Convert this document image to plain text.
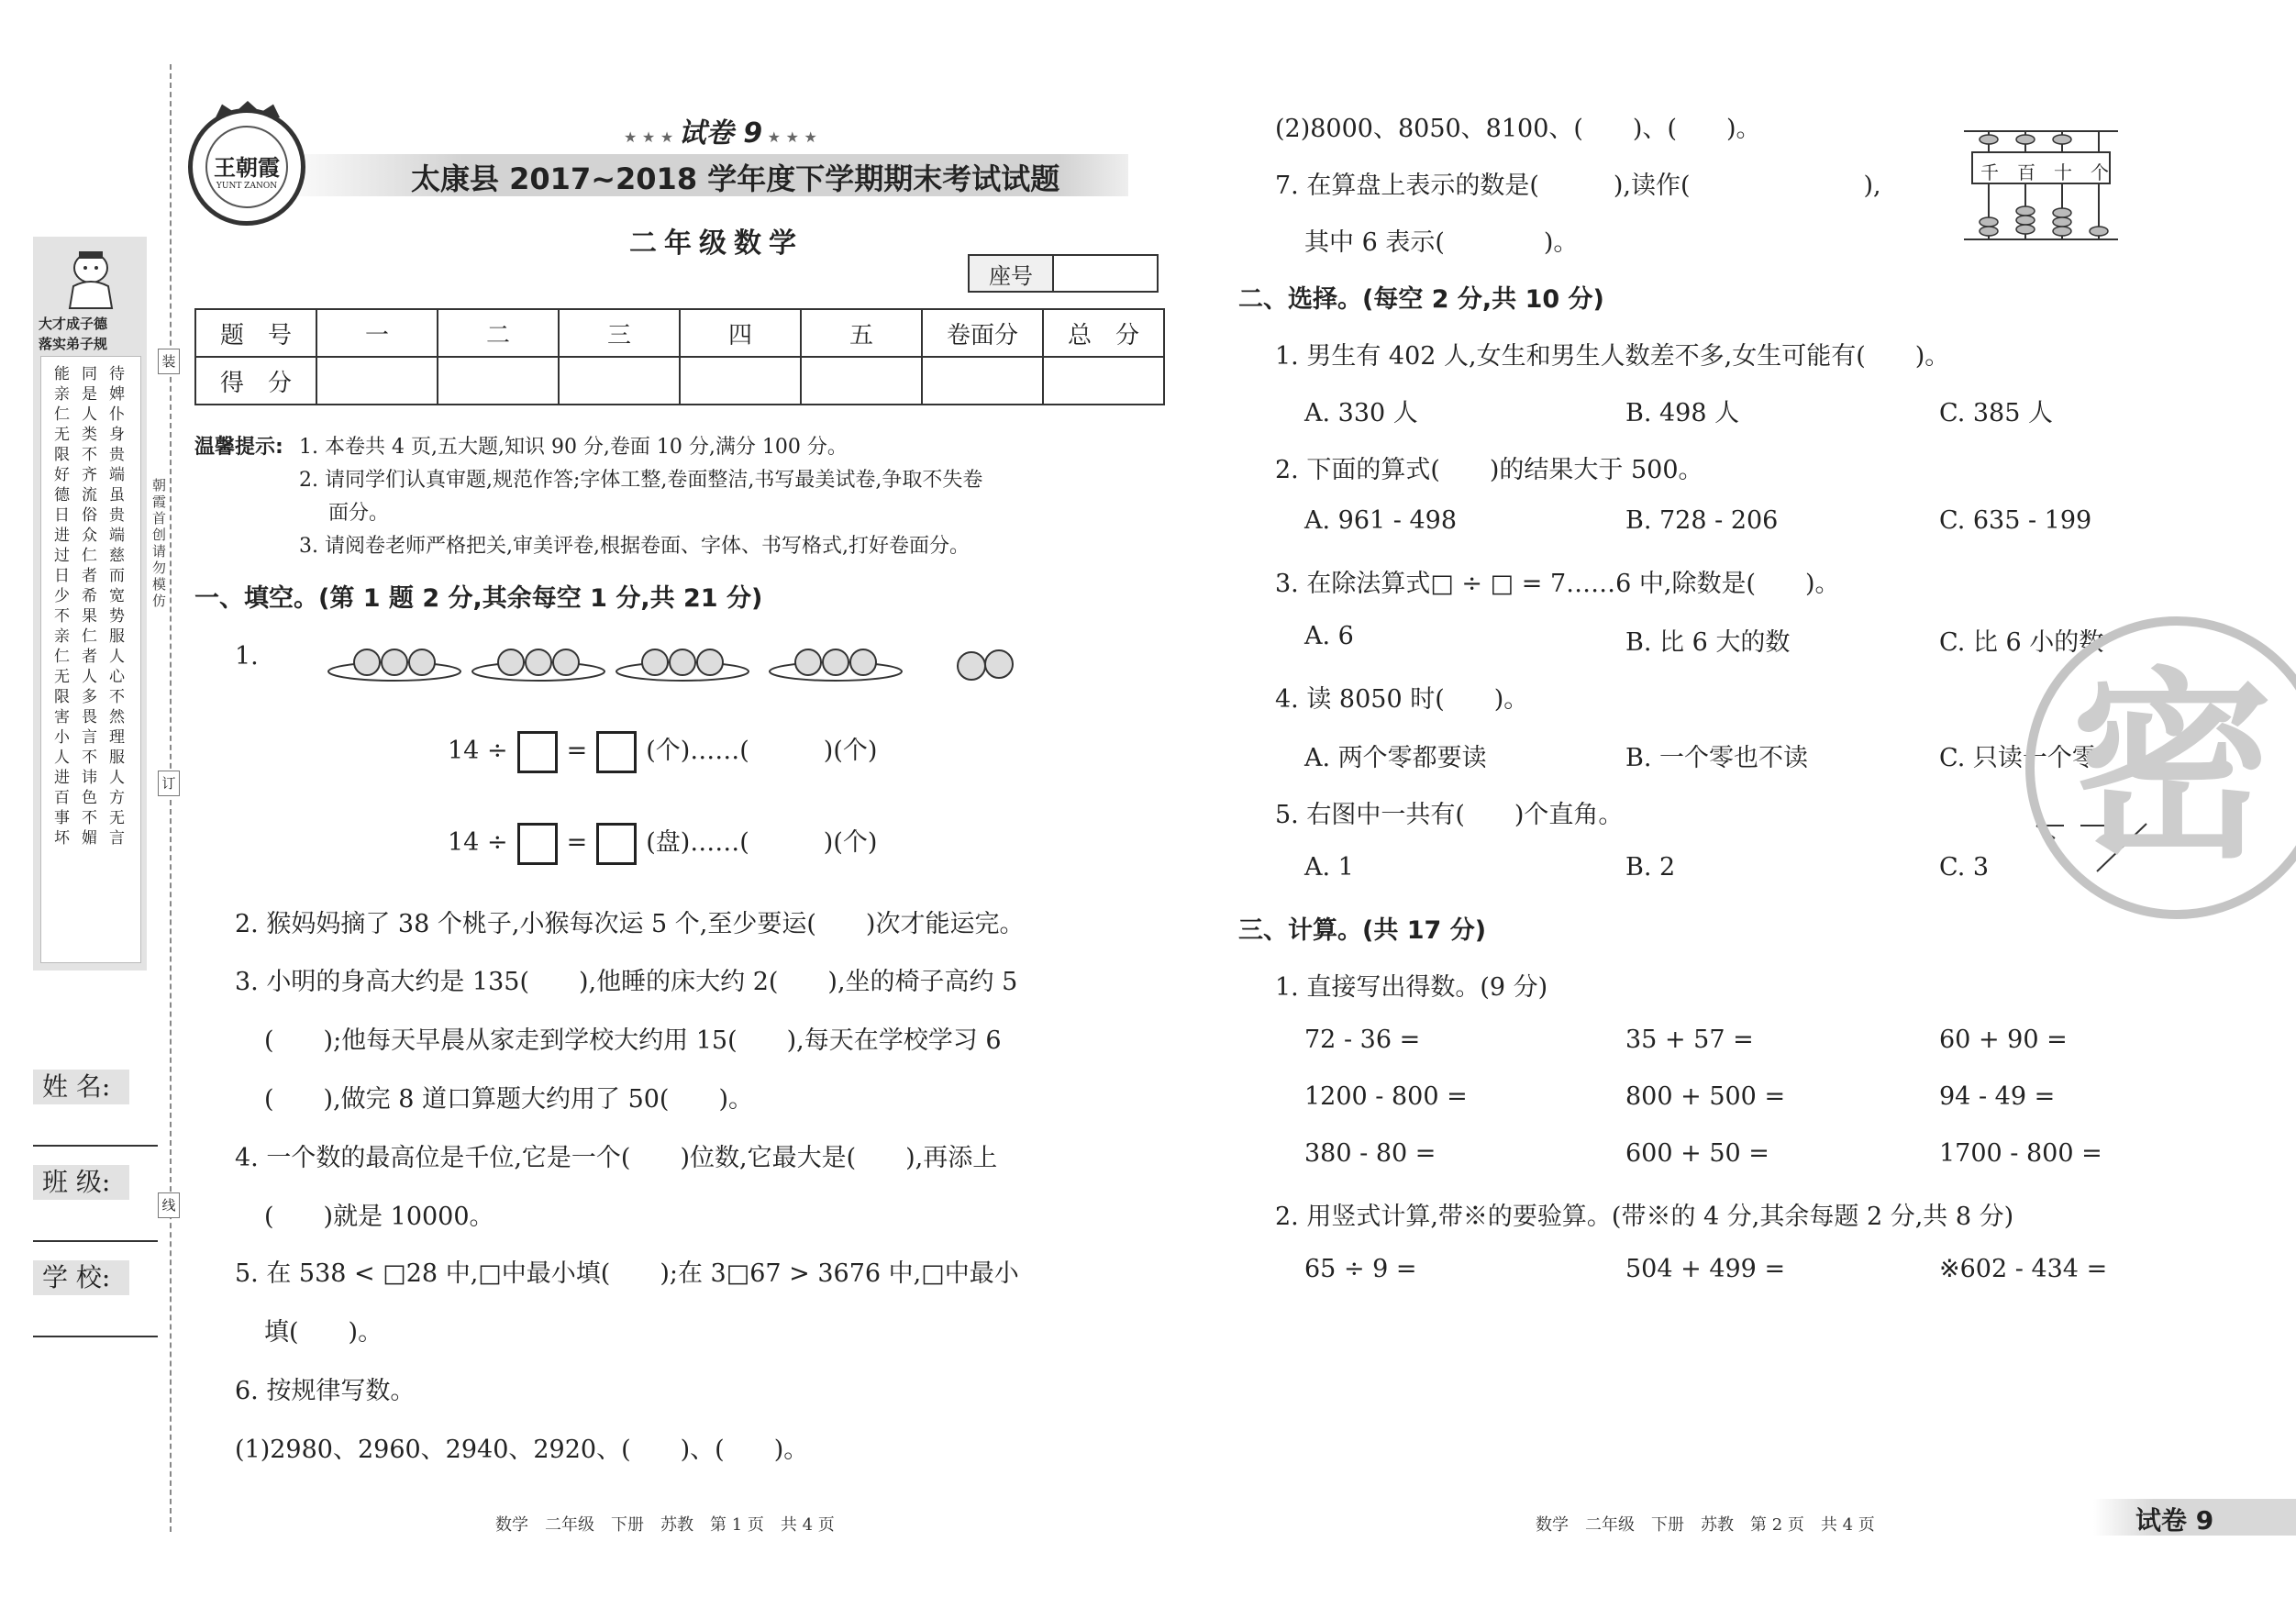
大才成子德
落实弟子规
能亲仁　无限好　德日进　过日少　不亲仁　无限害　小人进　百事坏
同是人　类不齐　流俗众　仁者希　果仁者　人多畏　言不讳　色不媚
待婢仆　身贵端　虽贵端　慈而宽　势服人　心不然　理服人　方无言
装
订
线
朝霞首创　请勿模仿
姓 名:
班 级:
学 校:
王朝霞
YUNT ZANON
★ ★ ★ 试卷 9 ★ ★ ★
太康县 2017~2018 学年度下学期期末考试试题
二年级数学
座号	
题　号	一	二	三	四	五	卷面分	总　分
得　分							
温馨提示: 1. 本卷共 4 页,五大题,知识 90 分,卷面 10 分,满分 100 分。
2. 请同学们认真审题,规范作答;字体工整,卷面整洁,书写最美试卷,争取不失卷
面分。
3. 请阅卷老师严格把关,审美评卷,根据卷面、字体、书写格式,打好卷面分。
一、填空。(第 1 题 2 分,其余每空 1 分,共 21 分)
1.
14 ÷ = (个)……(　　　)(个)
14 ÷ = (盘)……(　　　)(个)
2. 猴妈妈摘了 38 个桃子,小猴每次运 5 个,至少要运(　　)次才能运完。
3. 小明的身高大约是 135(　　),他睡的床大约 2(　　),坐的椅子高约 5
(　　);他每天早晨从家走到学校大约用 15(　　),每天在学校学习 6
(　　),做完 8 道口算题大约用了 50(　　)。
4. 一个数的最高位是千位,它是一个(　　)位数,它最大是(　　),再添上
(　　)就是 10000。
5. 在 538 < □28 中,□中最小填(　　);在 3□67 > 3676 中,□中最小
填(　　)。
6. 按规律写数。
(1)2980、2960、2940、2920、(　　)、(　　)。
数学　二年级　下册　苏教　第 1 页　共 4 页
(2)8000、8050、8100、(　　)、(　　)。
7. 在算盘上表示的数是(　　　),读作(　　　　　　　),
其中 6 表示(　　　　)。
千 百 十 个
二、选择。(每空 2 分,共 10 分)
1. 男生有 402 人,女生和男生人数差不多,女生可能有(　　)。
A. 330 人	B. 498 人	C. 385 人
2. 下面的算式(　　)的结果大于 500。
A. 961 - 498	B. 728 - 206	C. 635 - 199
3. 在除法算式□ ÷ □ = 7……6 中,除数是(　　)。
A. 6	B. 比 6 大的数	C. 比 6 小的数
4. 读 8050 时(　　)。
A. 两个零都要读	B. 一个零也不读	C. 只读一个零
5. 右图中一共有(　　)个直角。
A. 1	B. 2	C. 3 密
三、计算。(共 17 分)
1. 直接写出得数。(9 分)
72 - 36 =	35 + 57 =	60 + 90 =
1200 - 800 =	800 + 500 =	94 - 49 =
380 - 80 =	600 + 50 =	1700 - 800 =
2. 用竖式计算,带※的要验算。(带※的 4 分,其余每题 2 分,共 8 分)
65 ÷ 9 =	504 + 499 =	※602 - 434 =
数学　二年级　下册　苏教　第 2 页　共 4 页	试卷 9
